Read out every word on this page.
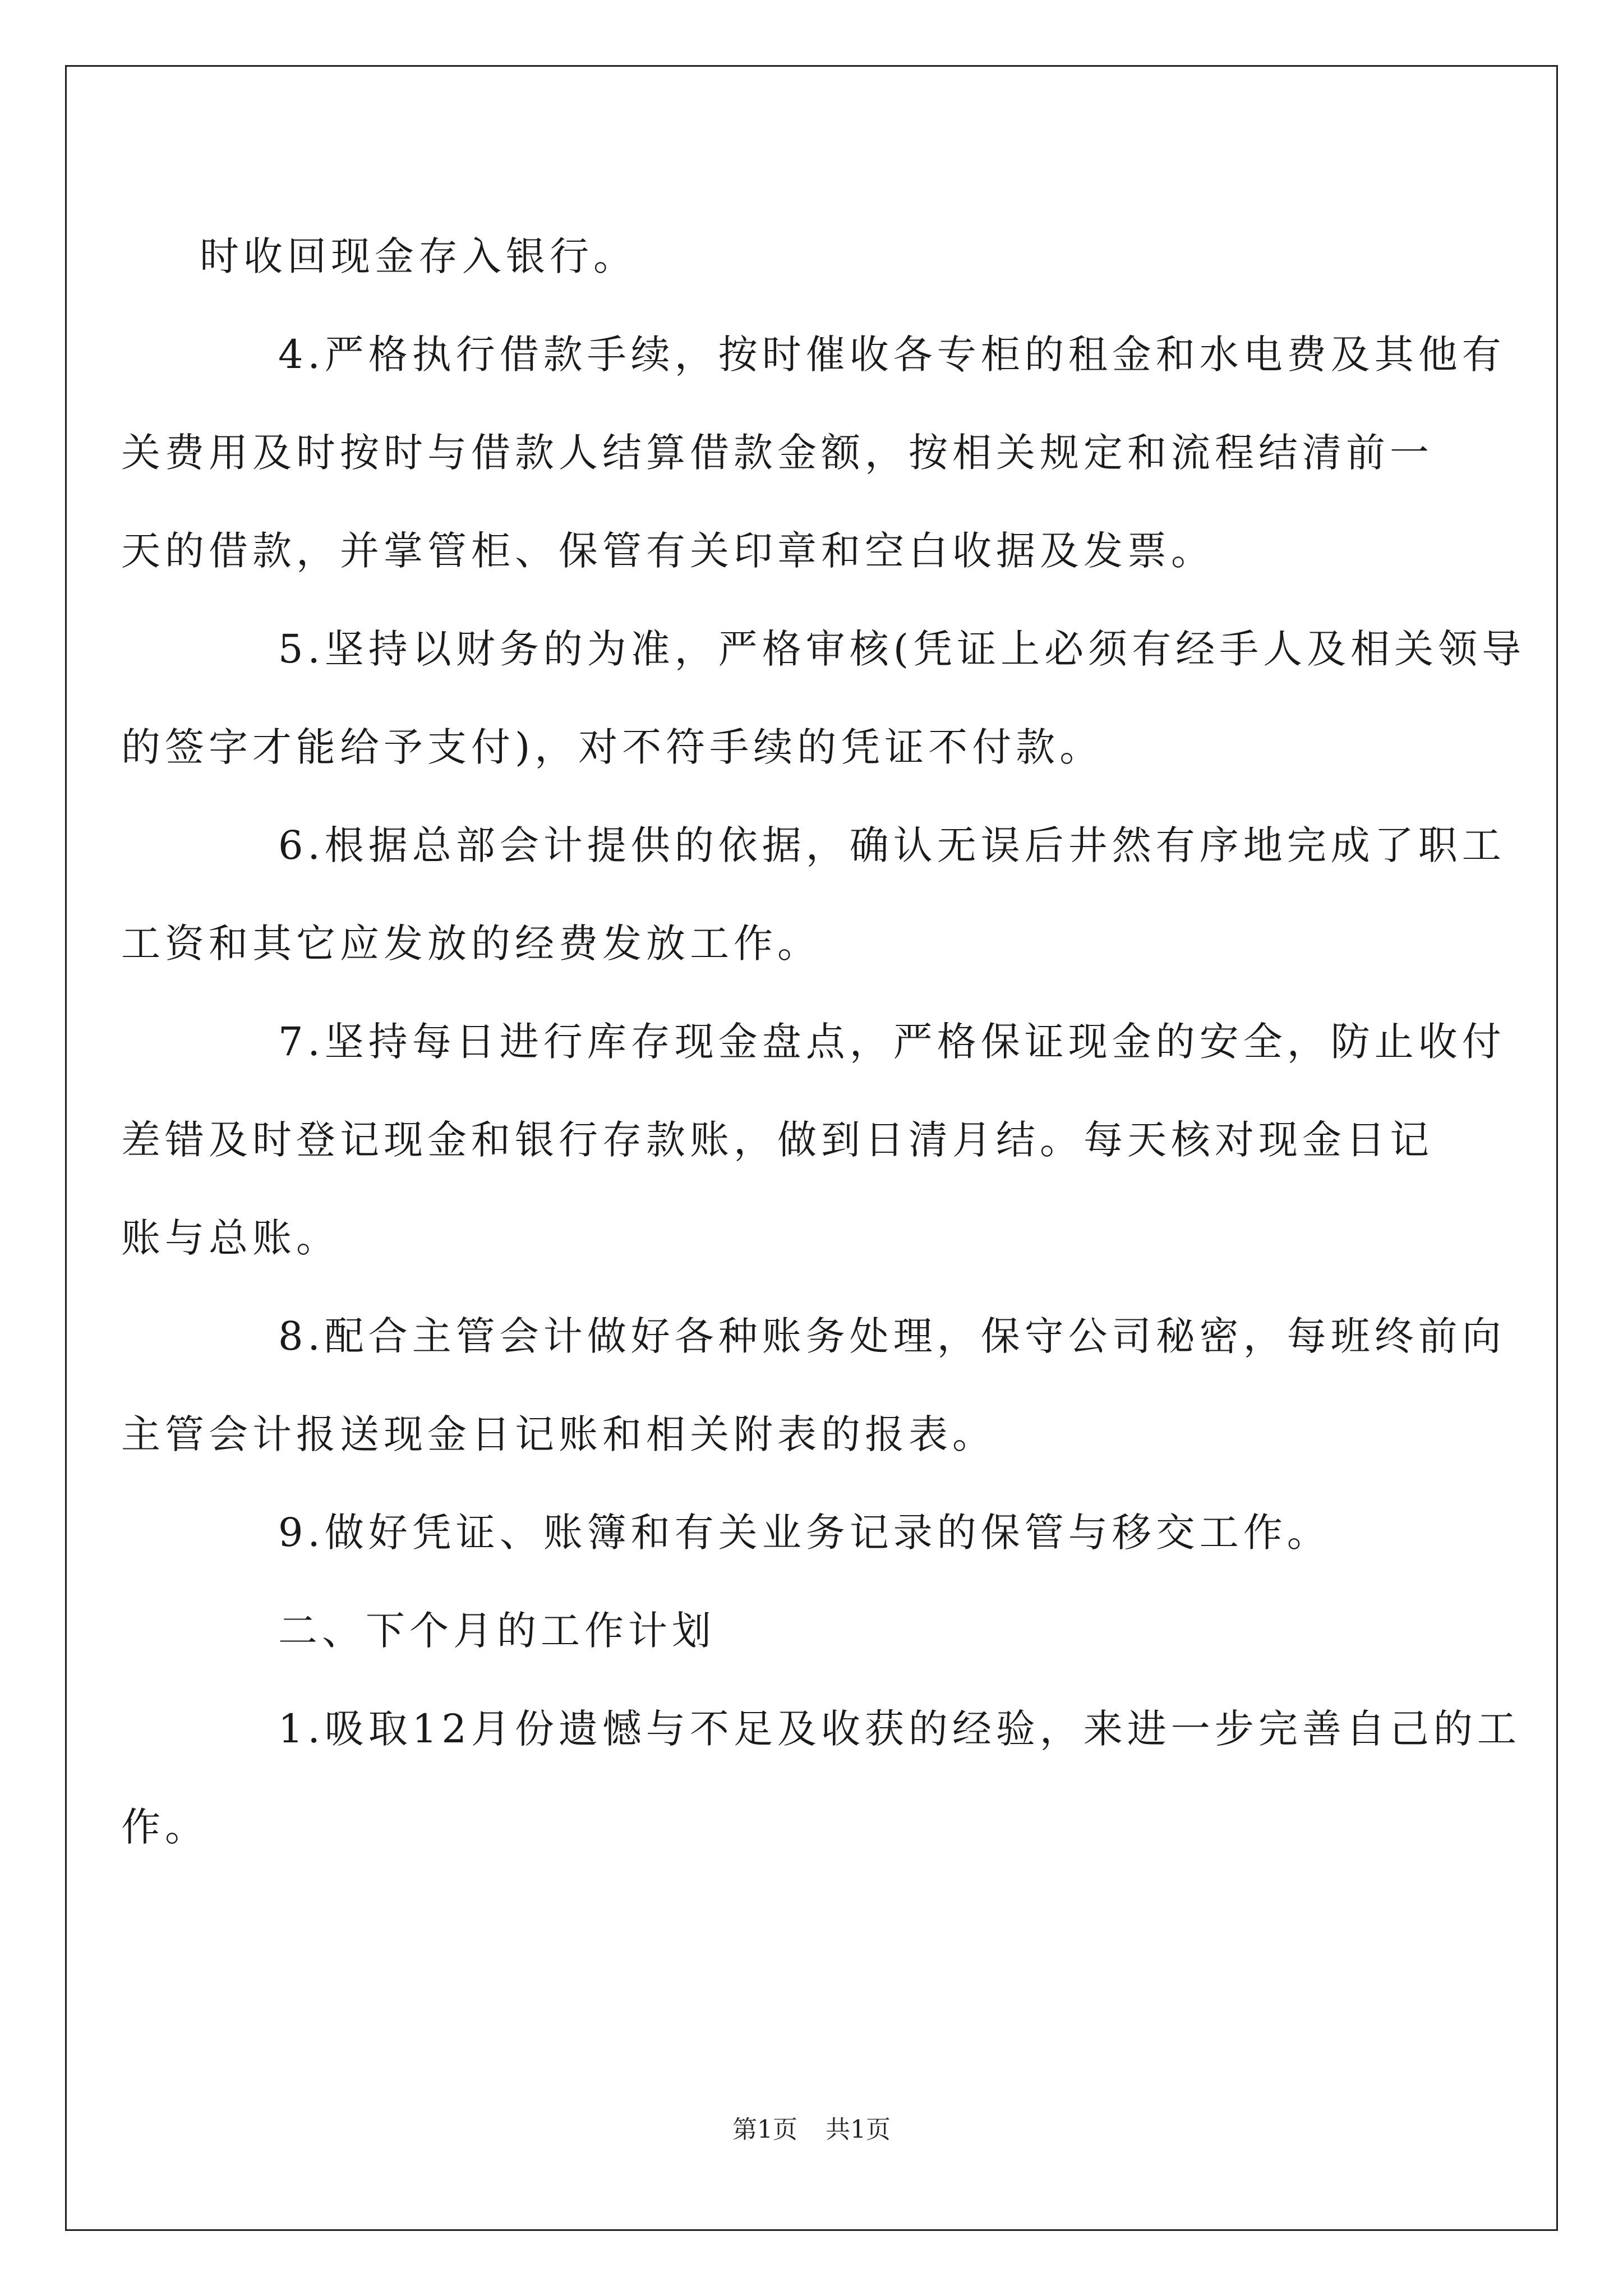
时收回现金存入银行。

4.严格执行借款手续，按时催收各专柜的租金和水电费及其他有
关费用及时按时与借款人结算借款金额，按相关规定和流程结清前一
天的借款，并掌管柜、保管有关印章和空白收据及发票。

5.坚持以财务的为准，严格审核(凭证上必须有经手人及相关领导
的签字才能给予支付)，对不符手续的凭证不付款。

6.根据总部会计提供的依据，确认无误后井然有序地完成了职工
工资和其它应发放的经费发放工作。

7.坚持每日进行库存现金盘点，严格保证现金的安全，防止收付
差错及时登记现金和银行存款账，做到日清月结。每天核对现金日记
账与总账。

8.配合主管会计做好各种账务处理，保守公司秘密，每班终前向
主管会计报送现金日记账和相关附表的报表。

9.做好凭证、账簿和有关业务记录的保管与移交工作。

二、下个月的工作计划

1.吸取12月份遗憾与不足及收获的经验，来进一步完善自己的工
作。

第1页 共1页
